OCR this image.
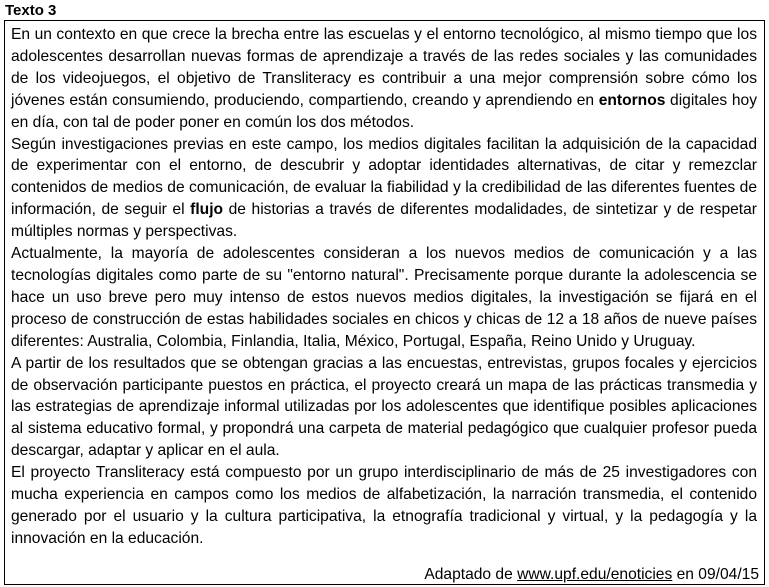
Texto 3

En un contexto en que crece la brecha entre las escuelas y el entorno tecnológico, al mismo tiempo que los adolescentes desarrollan nuevas formas de aprendizaje a través de las redes sociales y las comunidades de los videojuegos, el objetivo de Transliteracy es contribuir a una mejor comprensión sobre cómo los jóvenes están consumiendo, produciendo, compartiendo, creando y aprendiendo en entornos digitales hoy en día, con tal de poder poner en común los dos métodos.

Según investigaciones previas en este campo, los medios digitales facilitan la adquisición de la capacidad de experimentar con el entorno, de descubrir y adoptar identidades alternativas, de citar y remezclar contenidos de medios de comunicación, de evaluar la fiabilidad y la credibilidad de las diferentes fuentes de información, de seguir el flujo de historias a través de diferentes modalidades, de sintetizar y de respetar múltiples normas y perspectivas.

Actualmente, la mayoría de adolescentes consideran a los nuevos medios de comunicación y a las tecnologías digitales como parte de su "entorno natural". Precisamente porque durante la adolescencia se hace un uso breve pero muy intenso de estos nuevos medios digitales, la investigación se fijará en el proceso de construcción de estas habilidades sociales en chicos y chicas de 12 a 18 años de nueve países diferentes: Australia, Colombia, Finlandia, Italia, México, Portugal, España, Reino Unido y Uruguay.

A partir de los resultados que se obtengan gracias a las encuestas, entrevistas, grupos focales y ejercicios de observación participante puestos en práctica, el proyecto creará un mapa de las prácticas transmedia y las estrategias de aprendizaje informal utilizadas por los adolescentes que identifique posibles aplicaciones al sistema educativo formal, y propondrá una carpeta de material pedagógico que cualquier profesor pueda descargar, adaptar y aplicar en el aula.

El proyecto Transliteracy está compuesto por un grupo interdisciplinario de más de 25 investigadores con mucha experiencia en campos como los medios de alfabetización, la narración transmedia, el contenido generado por el usuario y la cultura participativa, la etnografía tradicional y virtual, y la pedagogía y la innovación en la educación.

Adaptado de www.upf.edu/enoticies en 09/04/15
